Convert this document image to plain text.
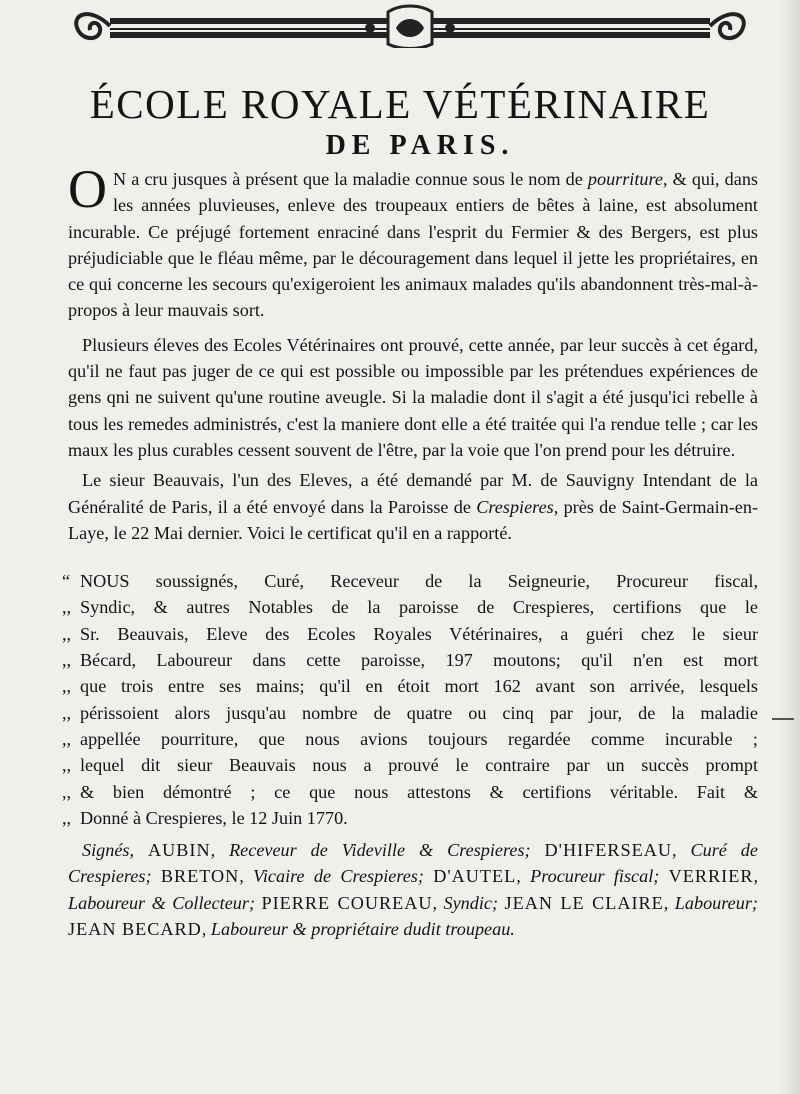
ÉCOLE ROYALE VÉTÉRINAIRE
DE PARIS.

O N a cru jusques à présent que la maladie connue sous le nom de pourriture, & qui, dans les années pluvieuses, enleve des troupeaux entiers de bêtes à laine, est absolument incurable. Ce préjugé fortement enraciné dans l'esprit du Fermier & des Bergers, est plus préjudiciable que le fléau même, par le découragement dans lequel il jette les propriétaires, en ce qui concerne les secours qu'exigeroient les animaux malades qu'ils abandonnent très-mal-à-propos à leur mauvais sort.

Plusieurs éleves des Ecoles Vétérinaires ont prouvé, cette année, par leur succès à cet égard, qu'il ne faut pas juger de ce qui est possible ou impossible par les prétendues expériences de gens qni ne suivent qu'une routine aveugle. Si la maladie dont il s'agit a été jusqu'ici rebelle à tous les remedes administrés, c'est la maniere dont elle a été traitée qui l'a rendue telle ; car les maux les plus curables cessent souvent de l'être, par la voie que l'on prend pour les détruire.

Le sieur Beauvais, l'un des Eleves, a été demandé par M. de Sauvigny Intendant de la Généralité de Paris, il a été envoyé dans la Paroisse de Crespieres, près de Saint-Germain-en-Laye, le 22 Mai dernier. Voici le certificat qu'il en a rapporté.

“ NOUS soussignés, Curé, Receveur de la Seigneurie, Procureur fiscal,
,, Syndic, & autres Notables de la paroisse de Crespieres, certifions que le
,, Sr. Beauvais, Eleve des Ecoles Royales Vétérinaires, a guéri chez le sieur
,, Bécard, Laboureur dans cette paroisse, 197 moutons; qu'il n'en est mort
,, que trois entre ses mains; qu'il en étoit mort 162 avant son arrivée, lesquels
,, périssoient alors jusqu'au nombre de quatre ou cinq par jour, de la maladie
,, appellée pourriture, que nous avions toujours regardée comme incurable ;
,, lequel dit sieur Beauvais nous a prouvé le contraire par un succès prompt
,, & bien démontré ; ce que nous attestons & certifions véritable. Fait &
,, Donné à Crespieres, le 12 Juin 1770.

Signés, AUBIN, Receveur de Videville & Crespieres; D'HIFERSEAU, Curé de Crespieres; BRETON, Vicaire de Crespieres; D'AUTEL, Procureur fiscal; VERRIER, Laboureur & Collecteur; PIERRE COUREAU, Syndic; JEAN LE CLAIRE, Laboureur; JEAN BECARD, Laboureur & propriétaire dudit troupeau.
